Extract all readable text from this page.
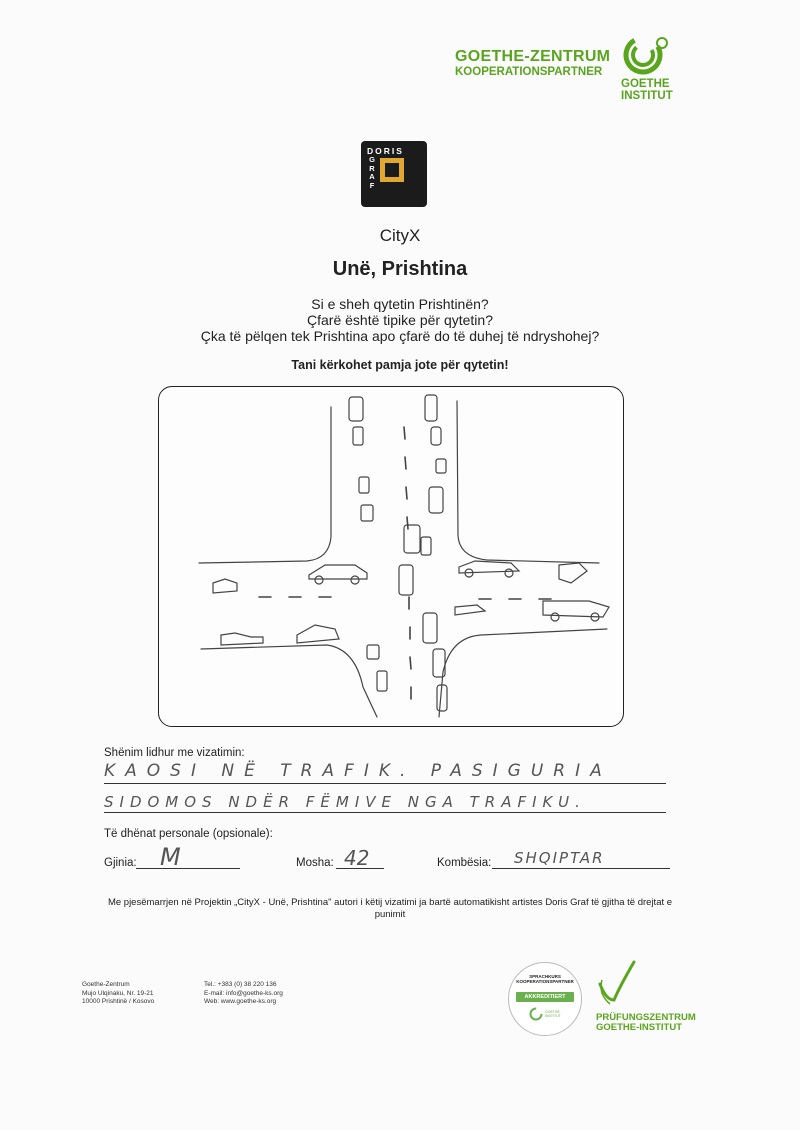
GOETHE-ZENTRUM
KOOPERATIONSPARTNER
GOETHE
INSTITUT
DORIS
G
R
A
F
CityX
Unë, Prishtina
Si e sheh qytetin Prishtinën?
Çfarë është tipike për qytetin?
Çka të pëlqen tek Prishtina apo çfarë do të duhej të ndryshohej?
Tani kërkohet pamja jote për qytetin!
Shënim lidhur me vizatimin:
KAOSI NË TRAFIK. PASIGURIA
SIDOMOS NDËR FËMIVE NGA TRAFIKU.
Të dhënat personale (opsionale):
Gjinia: M	Mosha: 42	Kombësia: SHQIPTAR
Me pjesëmarrjen në Projektin „CityX - Unë, Prishtina" autori i këtij vizatimi ja bartë automatikisht artistes Doris Graf të gjitha të drejtat e punimit
Goethe-Zentrum
Mujo Ulqinaku, Nr. 19-21
10000 Prishtinë / Kosovo
Tel.: +383 (0) 38 220 136
E-mail: info@goethe-ks.org
Web: www.goethe-ks.org
SPRACHKURS
KOOPERATIONSPARTNER
AKKREDITIERT
GOETHE
INSTITUT	PRÜFUNGSZENTRUM
GOETHE-INSTITUT
